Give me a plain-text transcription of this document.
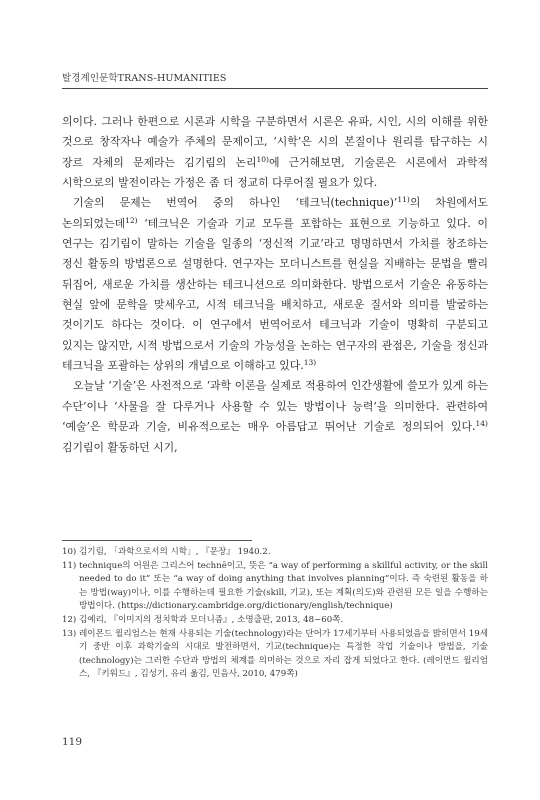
탈경계인문학TRANS-HUMANITIES

의이다. 그러나 한편으로 시론과 시학을 구분하면서 시론은 유파, 시인, 시의 이해를 위한 것으로 창작자나 예술가 주체의 문제이고, ‘시학’은 시의 본질이나 원리를 탐구하는 시 장르 자체의 문제라는 김기림의 논리$^{10)}$에 근거해보면, 기술론은 시론에서 과학적 시학으로의 발전이라는 가정은 좀 더 정교히 다루어질 필요가 있다.

기술의 문제는 번역어 중의 하나인 ‘테크닉(technique)’$^{11)}$의 차원에서도 논의되었는데$^{12)}$ ‘테크닉은 기술과 기교 모두를 포함하는 표현으로 기능하고 있다. 이 연구는 김기림이 말하는 기술을 일종의 ‘정신적 기교’라고 명명하면서 가치를 창조하는 정신 활동의 방법론으로 설명한다. 연구자는 모더니스트를 현실을 지배하는 문법을 빨리 뒤집어, 새로운 가치를 생산하는 테크니션으로 의미화한다. 방법으로서 기술은 유동하는 현실 앞에 문학을 맞세우고, 시적 테크닉을 배치하고, 새로운 질서와 의미를 발굴하는 것이기도 하다는 것이다. 이 연구에서 번역어로서 테크닉과 기술이 명확히 구분되고 있지는 않지만, 시적 방법으로서 기술의 가능성을 논하는 연구자의 관점은, 기술을 정신과 테크닉을 포괄하는 상위의 개념으로 이해하고 있다.$^{13)}$

오늘날 ‘기술’은 사전적으로 ‘과학 이론을 실제로 적용하여 인간생활에 쓸모가 있게 하는 수단’이나 ‘사물을 잘 다루거나 사용할 수 있는 방법이나 능력’을 의미한다. 관련하여 ‘예술’은 학문과 기술, 비유적으로는 매우 아름답고 뛰어난 기술로 정의되어 있다.$^{14)}$ 김기림이 활동하던 시기,

10) 김기림, 「과학으로서의 시학」, 『문장』 1940.2.
11) technique의 어원은 그리스어 technē이고, 뜻은 “a way of performing a skillful activity, or the skill needed to do it” 또는 “a way of doing anything that involves planning”이다. 즉 숙련된 활동을 하는 방법(way)이나, 이를 수행하는데 필요한 기술(skill, 기교), 또는 계획(의도)와 관련된 모든 일을 수행하는 방법이다. (https://dictionary.cambridge.org/dictionary/english/technique)
12) 김예리, 『이미지의 정치학과 모더니즘』, 소명출판, 2013, 48~60쪽.
13) 레이몬드 윌리엄스는 현재 사용되는 기술(technology)라는 단어가 17세기부터 사용되었음을 밝히면서 19세기 중반 이후 과학기술의 시대로 발전하면서, 기교(technique)는 특정한 작업 기술이나 방법을, 기술(technology)는 그러한 수단과 방법의 체계를 의미하는 것으로 자리 잡게 되었다고 한다. (레이먼드 윌리엄스, 『키워드』, 김성기, 유리 옮김, 민음사, 2010, 479쪽)
119
